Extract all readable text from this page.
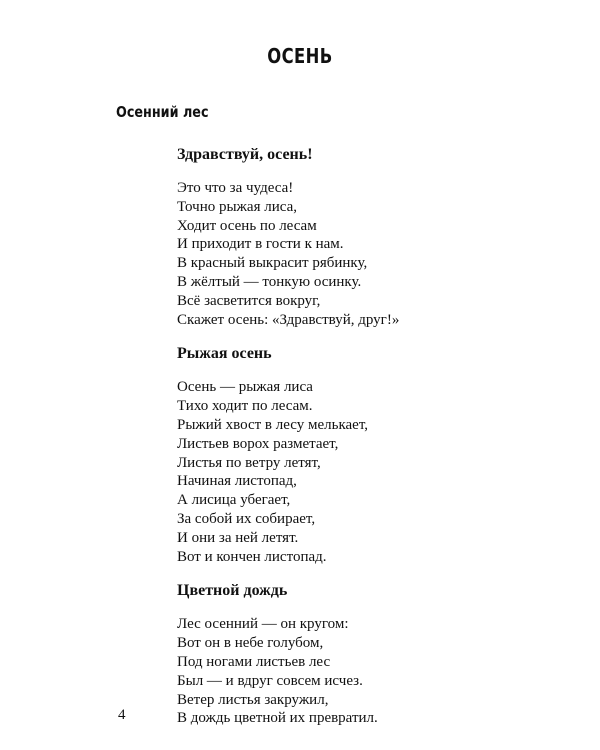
ОСЕНЬ
Осенний лес
Здравствуй, осень!
Это что за чудеса!
Точно рыжая лиса,
Ходит осень по лесам
И приходит в гости к нам.
В красный выкрасит рябинку,
В жёлтый — тонкую осинку.
Всё засветится вокруг,
Скажет осень: «Здравствуй, друг!»
Рыжая осень
Осень — рыжая лиса
Тихо ходит по лесам.
Рыжий хвост в лесу мелькает,
Листьев ворох разметает,
Листья по ветру летят,
Начиная листопад,
А лисица убегает,
За собой их собирает,
И они за ней летят.
Вот и кончен листопад.
Цветной дождь
Лес осенний — он кругом:
Вот он в небе голубом,
Под ногами листьев лес
Был — и вдруг совсем исчез.
Ветер листья закружил,
В дождь цветной их превратил.
4
